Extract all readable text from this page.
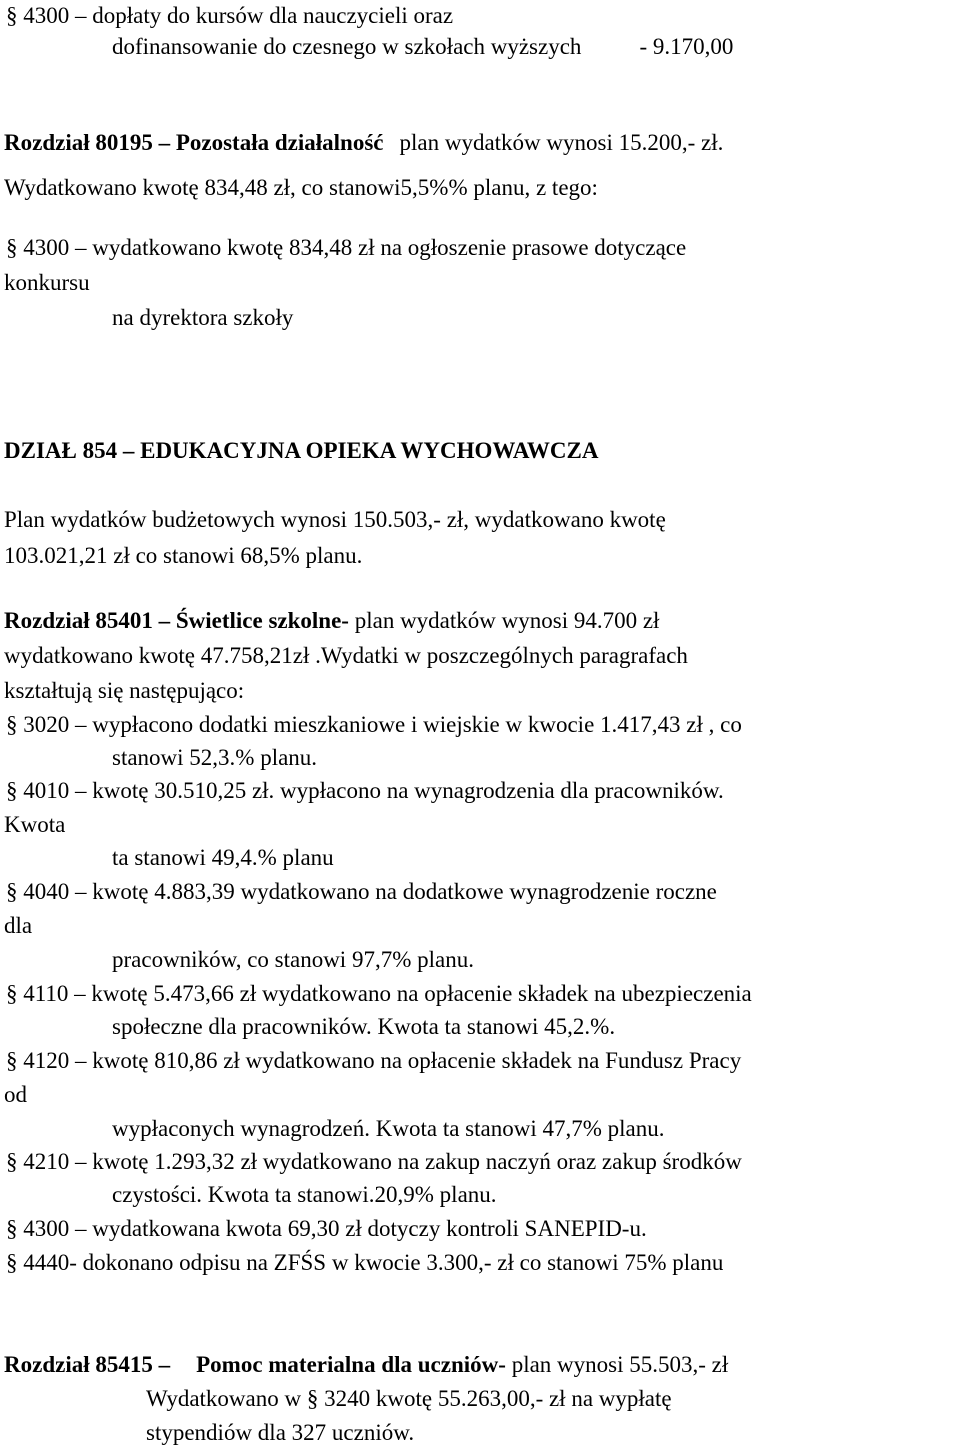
§ 4300 – dopłaty do kursów dla nauczycieli oraz
dofinansowanie do czesnego w szkołach wyższych	- 9.170,00
Rozdział 80195 – Pozostała działalność plan wydatków wynosi 15.200,- zł.
Wydatkowano kwotę 834,48 zł, co stanowi5,5%% planu, z tego:
§ 4300 – wydatkowano kwotę 834,48 zł na ogłoszenie prasowe dotyczące
konkursu
na dyrektora szkoły
DZIAŁ 854 – EDUKACYJNA OPIEKA WYCHOWAWCZA
Plan wydatków budżetowych wynosi 150.503,- zł, wydatkowano kwotę
103.021,21 zł co stanowi 68,5% planu.
Rozdział 85401 – Świetlice szkolne- plan wydatków wynosi 94.700 zł
wydatkowano kwotę 47.758,21zł .Wydatki w poszczególnych paragrafach
kształtują się następująco:
§ 3020 – wypłacono dodatki mieszkaniowe i wiejskie w kwocie 1.417,43 zł , co
stanowi 52,3.% planu.
§ 4010 – kwotę 30.510,25 zł. wypłacono na wynagrodzenia dla pracowników.
Kwota
ta stanowi 49,4.% planu
§ 4040 – kwotę 4.883,39 wydatkowano na dodatkowe wynagrodzenie roczne
dla
pracowników, co stanowi 97,7% planu.
§ 4110 – kwotę 5.473,66 zł wydatkowano na opłacenie składek na ubezpieczenia
społeczne dla pracowników. Kwota ta stanowi 45,2.%.
§ 4120 – kwotę 810,86 zł wydatkowano na opłacenie składek na Fundusz Pracy
od
wypłaconych wynagrodzeń. Kwota ta stanowi 47,7% planu.
§ 4210 – kwotę 1.293,32 zł wydatkowano na zakup naczyń oraz zakup środków
czystości. Kwota ta stanowi.20,9% planu.
§ 4300 – wydatkowana kwota 69,30 zł dotyczy kontroli SANEPID-u.
§ 4440- dokonano odpisu na ZFŚS w kwocie 3.300,- zł co stanowi 75% planu
Rozdział 85415 – Pomoc materialna dla uczniów- plan wynosi 55.503,- zł
Wydatkowano w § 3240 kwotę 55.263,00,- zł na wypłatę
stypendiów dla 327 uczniów.
